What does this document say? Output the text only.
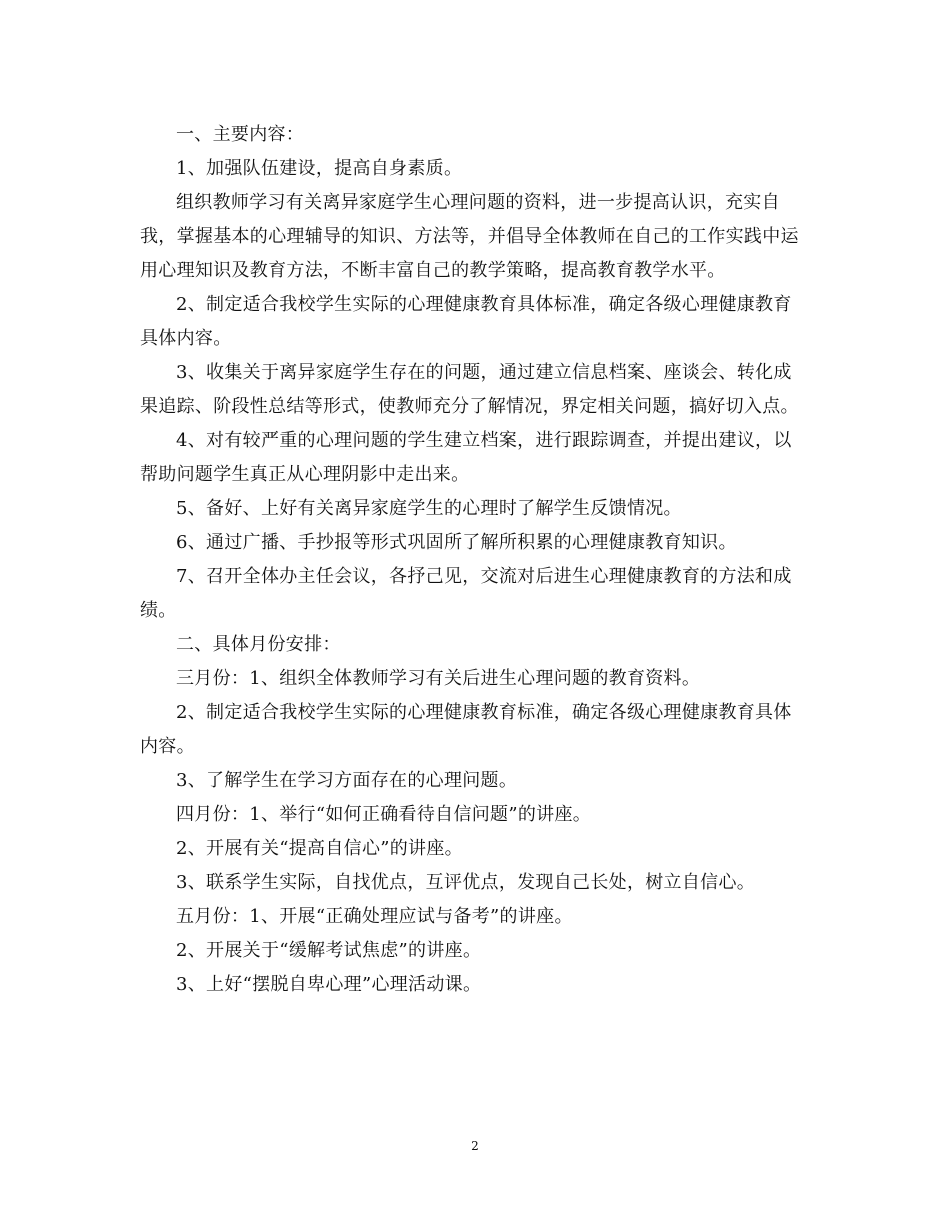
一、主要内容：

1、加强队伍建设，提高自身素质。

组织教师学习有关离异家庭学生心理问题的资料，进一步提高认识，充实自我，掌握基本的心理辅导的知识、方法等，并倡导全体教师在自己的工作实践中运用心理知识及教育方法，不断丰富自己的教学策略，提高教育教学水平。

2、制定适合我校学生实际的心理健康教育具体标准，确定各级心理健康教育具体内容。

3、收集关于离异家庭学生存在的问题，通过建立信息档案、座谈会、转化成果追踪、阶段性总结等形式，使教师充分了解情况，界定相关问题，搞好切入点。

4、对有较严重的心理问题的学生建立档案，进行跟踪调查，并提出建议，以帮助问题学生真正从心理阴影中走出来。

5、备好、上好有关离异家庭学生的心理时了解学生反馈情况。

6、通过广播、手抄报等形式巩固所了解所积累的心理健康教育知识。

7、召开全体办主任会议，各抒己见，交流对后进生心理健康教育的方法和成绩。

二、具体月份安排：

三月份：1、组织全体教师学习有关后进生心理问题的教育资料。

2、制定适合我校学生实际的心理健康教育标准，确定各级心理健康教育具体内容。

3、了解学生在学习方面存在的心理问题。

四月份：1、举行“如何正确看待自信问题”的讲座。

2、开展有关“提高自信心”的讲座。

3、联系学生实际，自找优点，互评优点，发现自己长处，树立自信心。

五月份：1、开展“正确处理应试与备考”的讲座。

2、开展关于“缓解考试焦虑”的讲座。

3、上好“摆脱自卑心理”心理活动课。

2
